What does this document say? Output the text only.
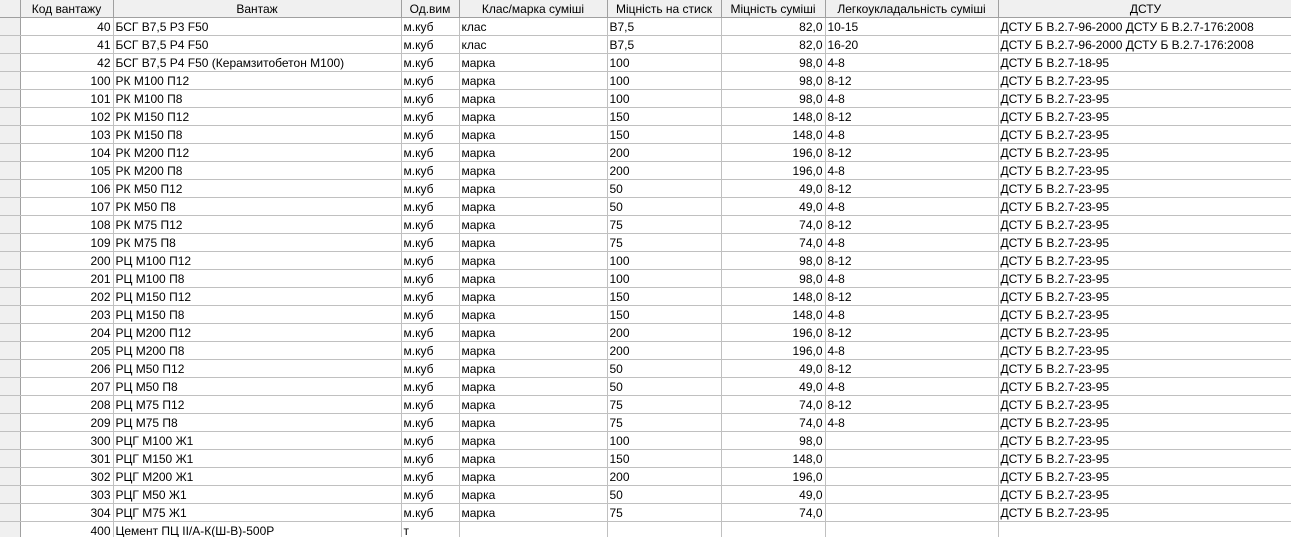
	Код вантажу	Вантаж	Од.вим	Клас/марка суміші	Міцність на стиск	Міцність суміші	Легкоукладальність суміші	ДСТУ
	40	БСГ В7,5 Р3 F50	м.куб	клас	В7,5	82,0	10-15	ДСТУ Б В.2.7-96-2000 ДСТУ Б В.2.7-176:2008
	41	БСГ В7,5 Р4 F50	м.куб	клас	В7,5	82,0	16-20	ДСТУ Б В.2.7-96-2000 ДСТУ Б В.2.7-176:2008
	42	БСГ В7,5 Р4 F50 (Керамзитобетон М100)	м.куб	марка	100	98,0	4-8	ДСТУ Б В.2.7-18-95
	100	РК М100 П12	м.куб	марка	100	98,0	8-12	ДСТУ Б В.2.7-23-95
	101	РК М100 П8	м.куб	марка	100	98,0	4-8	ДСТУ Б В.2.7-23-95
	102	РК М150 П12	м.куб	марка	150	148,0	8-12	ДСТУ Б В.2.7-23-95
	103	РК М150 П8	м.куб	марка	150	148,0	4-8	ДСТУ Б В.2.7-23-95
	104	РК М200 П12	м.куб	марка	200	196,0	8-12	ДСТУ Б В.2.7-23-95
	105	РК М200 П8	м.куб	марка	200	196,0	4-8	ДСТУ Б В.2.7-23-95
	106	РК М50 П12	м.куб	марка	50	49,0	8-12	ДСТУ Б В.2.7-23-95
	107	РК М50 П8	м.куб	марка	50	49,0	4-8	ДСТУ Б В.2.7-23-95
	108	РК М75 П12	м.куб	марка	75	74,0	8-12	ДСТУ Б В.2.7-23-95
	109	РК М75 П8	м.куб	марка	75	74,0	4-8	ДСТУ Б В.2.7-23-95
	200	РЦ М100 П12	м.куб	марка	100	98,0	8-12	ДСТУ Б В.2.7-23-95
	201	РЦ М100 П8	м.куб	марка	100	98,0	4-8	ДСТУ Б В.2.7-23-95
	202	РЦ М150 П12	м.куб	марка	150	148,0	8-12	ДСТУ Б В.2.7-23-95
	203	РЦ М150 П8	м.куб	марка	150	148,0	4-8	ДСТУ Б В.2.7-23-95
	204	РЦ М200 П12	м.куб	марка	200	196,0	8-12	ДСТУ Б В.2.7-23-95
	205	РЦ М200 П8	м.куб	марка	200	196,0	4-8	ДСТУ Б В.2.7-23-95
	206	РЦ М50 П12	м.куб	марка	50	49,0	8-12	ДСТУ Б В.2.7-23-95
	207	РЦ М50 П8	м.куб	марка	50	49,0	4-8	ДСТУ Б В.2.7-23-95
	208	РЦ М75 П12	м.куб	марка	75	74,0	8-12	ДСТУ Б В.2.7-23-95
	209	РЦ М75 П8	м.куб	марка	75	74,0	4-8	ДСТУ Б В.2.7-23-95
	300	РЦГ М100 Ж1	м.куб	марка	100	98,0		ДСТУ Б В.2.7-23-95
	301	РЦГ М150 Ж1	м.куб	марка	150	148,0		ДСТУ Б В.2.7-23-95
	302	РЦГ М200 Ж1	м.куб	марка	200	196,0		ДСТУ Б В.2.7-23-95
	303	РЦГ М50 Ж1	м.куб	марка	50	49,0		ДСТУ Б В.2.7-23-95
	304	РЦГ М75 Ж1	м.куб	марка	75	74,0		ДСТУ Б В.2.7-23-95
	400	Цемент ПЦ II/А-К(Ш-В)-500Р	т					
